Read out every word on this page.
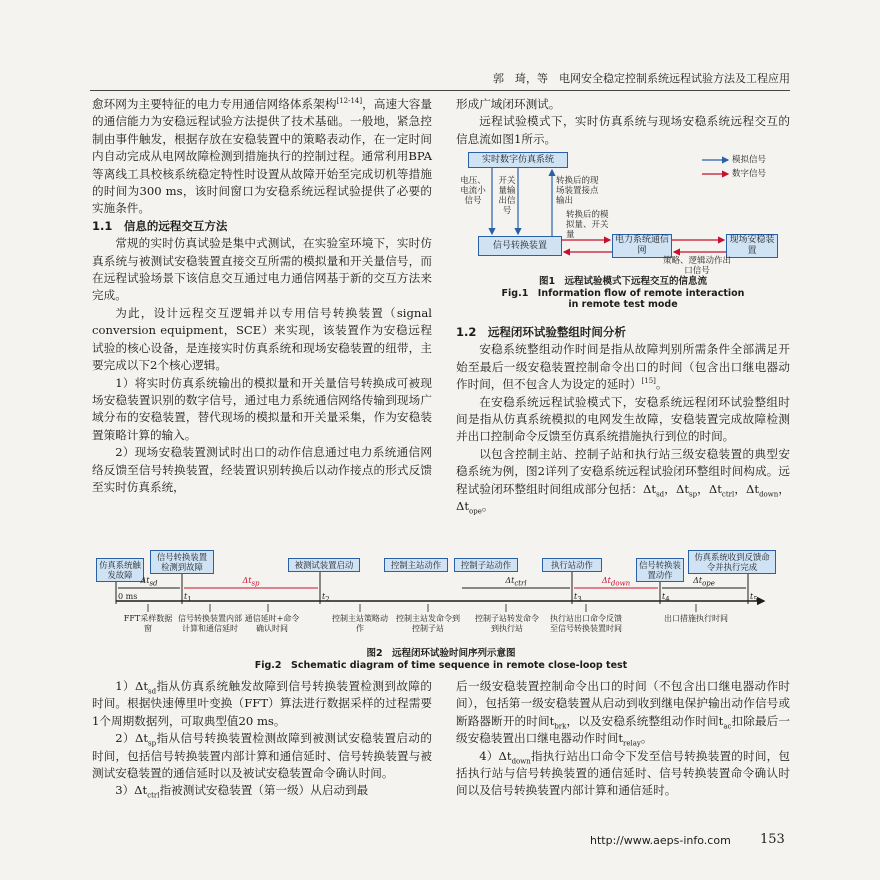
郭　琦，等　电网安全稳定控制系统远程试验方法及工程应用

愈环网为主要特征的电力专用通信网络体系架构[12-14]，高速大容量的通信能力为安稳远程试验方法提供了技术基础。一般地，紧急控制由事件触发，根据存放在安稳装置中的策略表动作，在一定时间内自动完成从电网故障检测到措施执行的控制过程。通常利用BPA等离线工具校核系统稳定特性时设置从故障开始至完成切机等措施的时间为300 ms，该时间窗口为安稳系统远程试验提供了必要的实施条件。

1.1　信息的远程交互方法

常规的实时仿真试验是集中式测试，在实验室环境下，实时仿真系统与被测试安稳装置直接交互所需的模拟量和开关量信号，而在远程试验场景下该信息交互通过电力通信网基于新的交互方法来完成。

为此，设计远程交互逻辑并以专用信号转换装置（signal conversion equipment，SCE）来实现，该装置作为安稳远程试验的核心设备，是连接实时仿真系统和现场安稳装置的纽带，主要完成以下2个核心逻辑。

1）将实时仿真系统输出的模拟量和开关量信号转换成可被现场安稳装置识别的数字信号，通过电力系统通信网络传输到现场广域分布的安稳装置，替代现场的模拟量和开关量采集，作为安稳装置策略计算的输入。

2）现场安稳装置测试时出口的动作信息通过电力系统通信网络反馈至信号转换装置，经装置识别转换后以动作接点的形式反馈至实时仿真系统，

形成广域闭环测试。

远程试验模式下，实时仿真系统与现场安稳系统远程交互的信息流如图1所示。

实时数字仿真系统
电压、电流小信号
开关量输出信号
转换后的现场装置接点输出
转换后的模拟量、开关量
信号转换装置
电力系统通信网
现场安稳装置
策略、逻辑动作出口信号
模拟信号
数字信号
图1　远程试验模式下远程交互的信息流
Fig.1　Information flow of remote interaction
in remote test mode

1.2　远程闭环试验整组时间分析

安稳系统整组动作时间是指从故障判别所需条件全部满足开始至最后一级安稳装置控制命令出口的时间（包含出口继电器动作时间，但不包含人为设定的延时）[15]。

在安稳系统远程试验模式下，安稳系统远程闭环试验整组时间是指从仿真系统模拟的电网发生故障，安稳装置完成故障检测并出口控制命令反馈至仿真系统措施执行到位的时间。

以包含控制主站、控制子站和执行站三级安稳装置的典型安稳系统为例，图2详列了安稳系统远程试验闭环整组时间构成。远程试验闭环整组时间组成部分包括：$\Delta t_{sd}$，$\Delta t_{sp}$，$\Delta t_{ctrl}$，$\Delta t_{down}$，$\Delta t_{ope}$。

仿真系统触发故障
信号转换装置检测到故障	被测试装置启动	控制主站动作	控制子站动作	执行站动作	信号转换装置动作
仿真系统收到反馈命令并执行完成
0 ms	$t_1$	$t_2$	$t_3$	$t_4$	$t_5$
$\Delta t_{sd}$	$\Delta t_{sp}$	$\Delta t_{ctrl}$	$\Delta t_{down}$	$\Delta t_{ope}$
FFT采样数据窗
信号转换装置内部计算和通信延时
通信延时+命令确认时间
控制主站策略动作
控制主站发命令到控制子站
控制子站转发命令到执行站
执行站出口命令反馈至信号转换装置时间
出口措施执行时间
图2　远程闭环试验时间序列示意图
Fig.2　Schematic diagram of time sequence in remote close-loop test

$1)\Delta t_{sd}$指从仿真系统触发故障到信号转换装置检测到故障的时间。根据快速傅里叶变换（FFT）算法进行数据采样的过程需要1个周期数据列，可取典型值20 ms。

$2)\Delta t_{sp}$指从信号转换装置检测故障到被测试安稳装置启动的时间，包括信号转换装置内部计算和通信延时、信号转换装置与被测试安稳装置的通信延时以及被试安稳装置命令确认时间。

$3)\Delta t_{ctrl}$指被测试安稳装置（第一级）从启动到最

后一级安稳装置控制命令出口的时间（不包含出口继电器动作时间），包括第一级安稳装置从启动到收到继电保护输出动作信号或断路器断开的时间$t_{brk}$，以及安稳系统整组动作时间$t_{ac}$扣除最后一级安稳装置出口继电器动作时间$t_{relay}$。

$4)\Delta t_{down}$指执行站出口命令下发至信号转换装置的时间，包括执行站与信号转换装置的通信延时、信号转换装置命令确认时间以及信号转换装置内部计算和通信延时。

http://www.aeps-info.com 153
